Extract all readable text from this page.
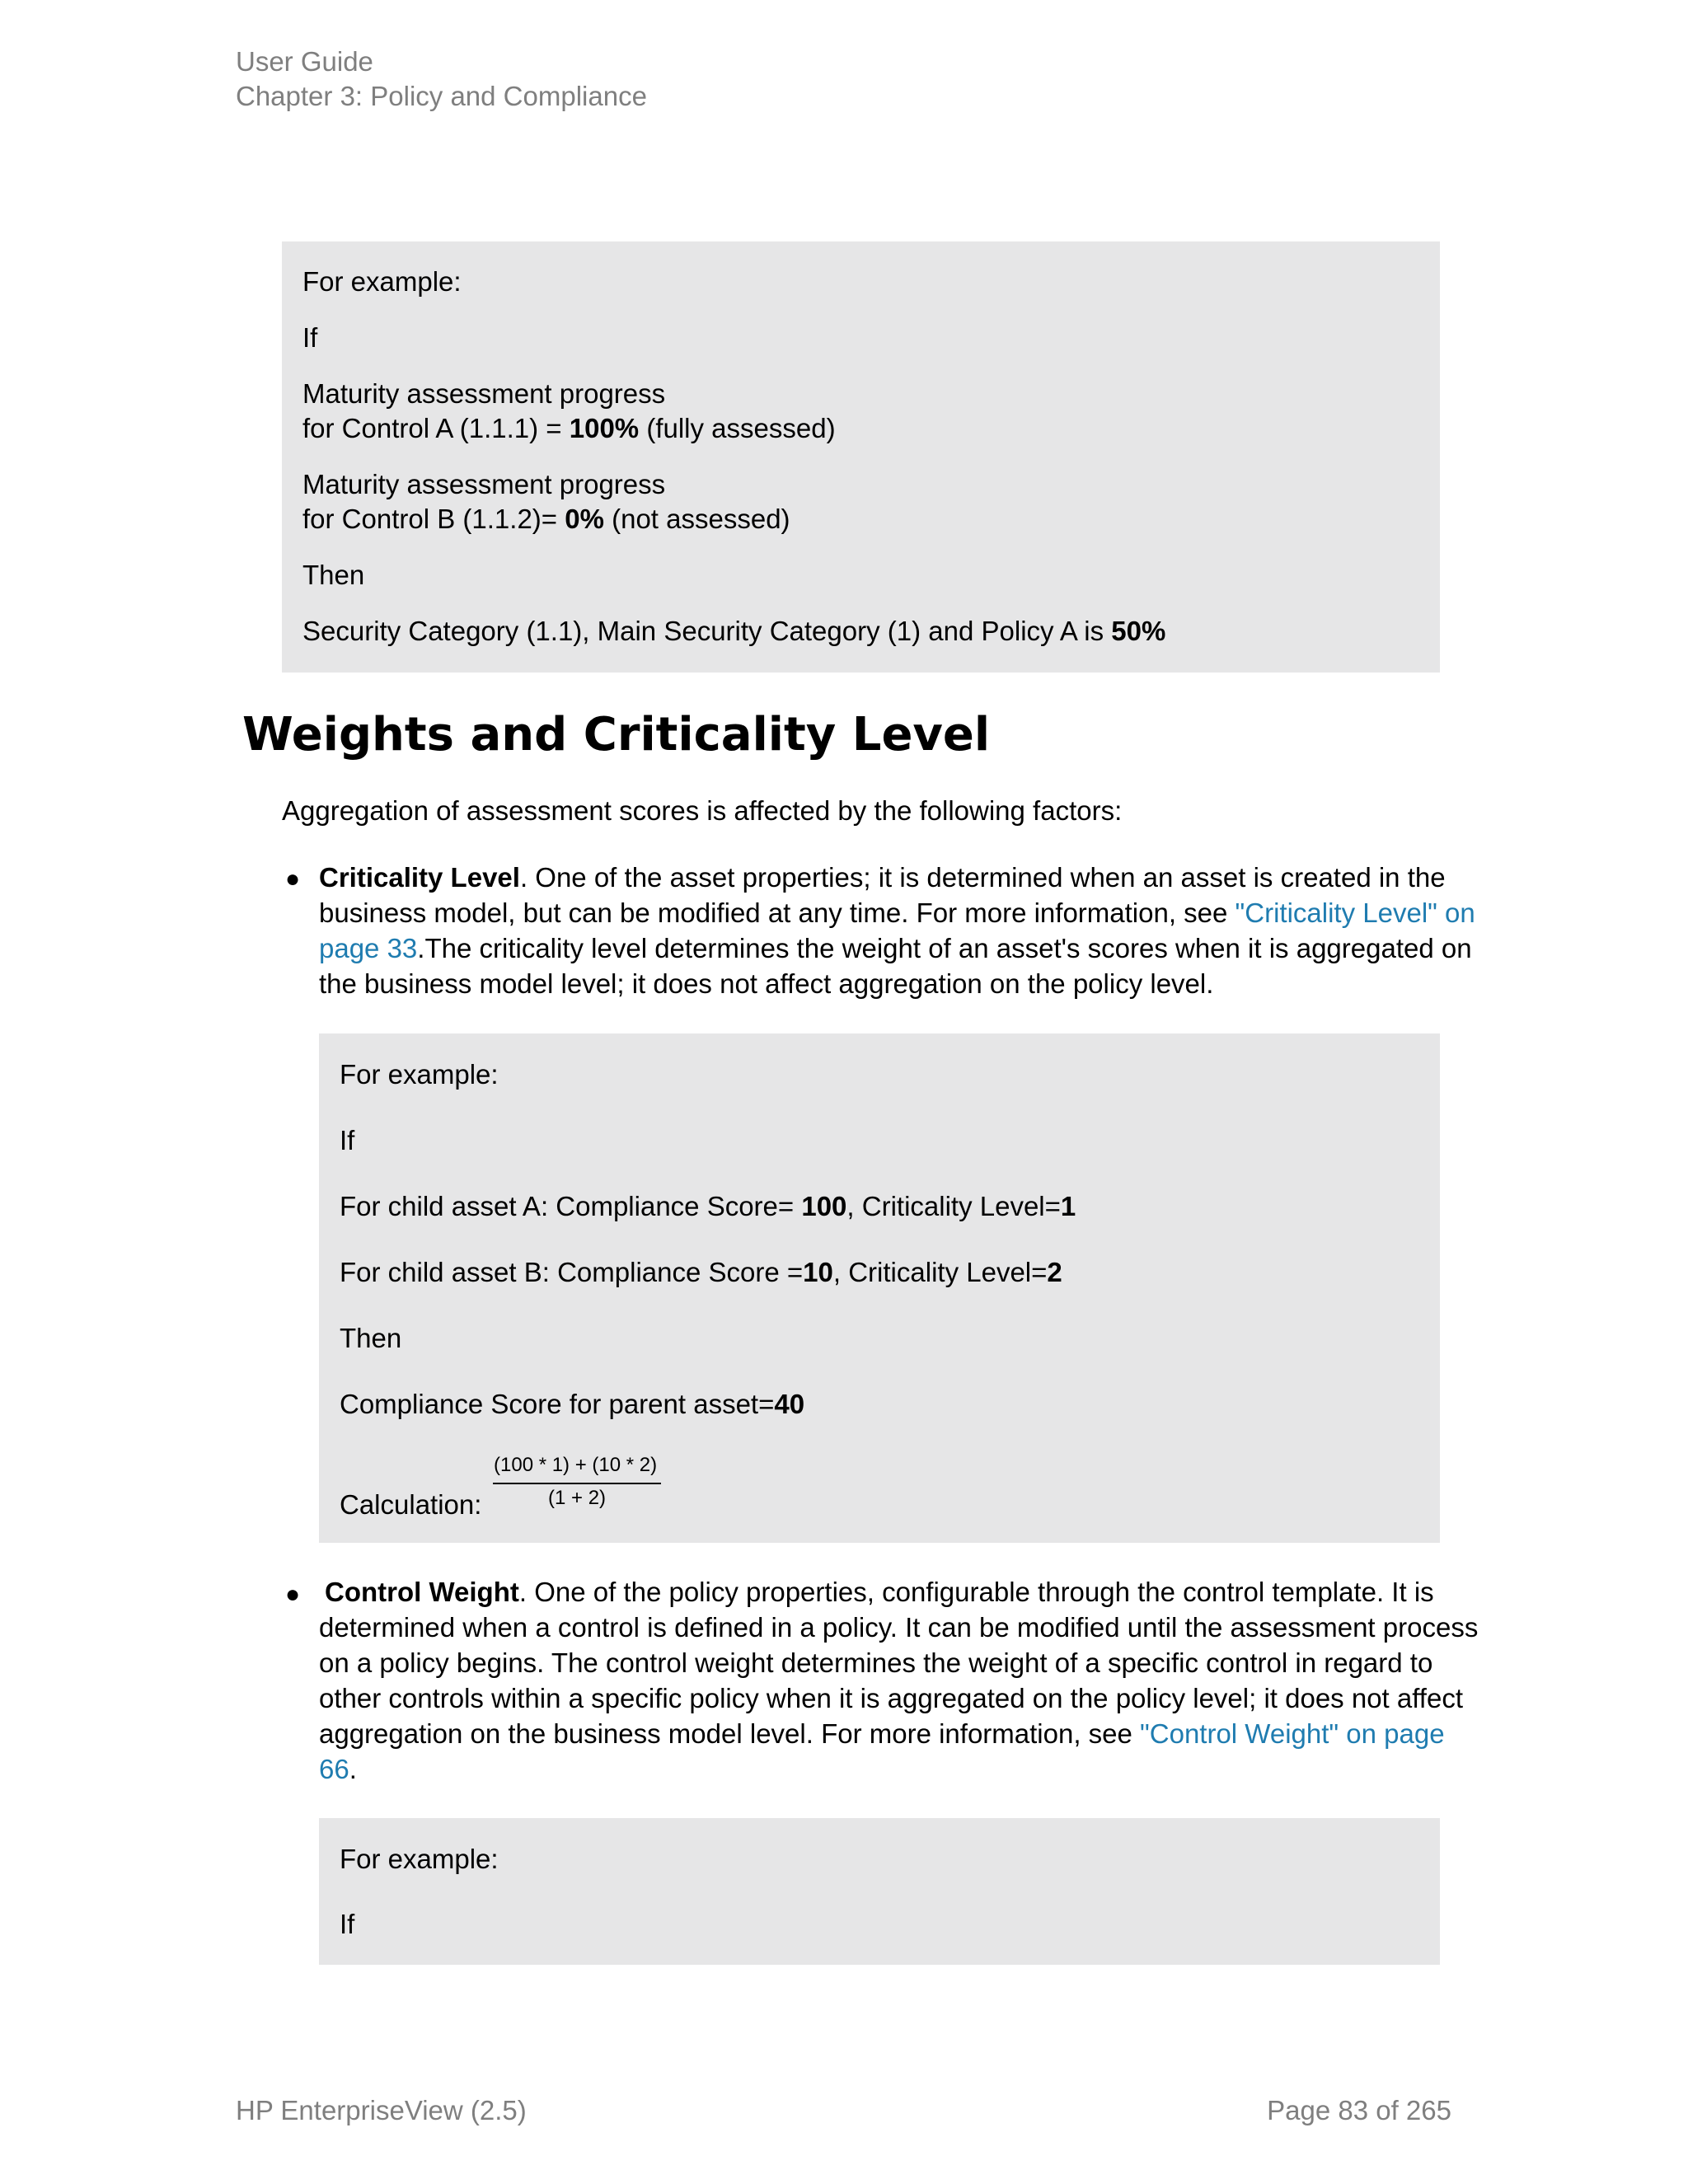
User Guide
Chapter 3: Policy and Compliance
For example:
If
Maturity assessment progress
for Control A (1.1.1) = 100% (fully assessed)
Maturity assessment progress
for Control B (1.1.2)= 0% (not assessed)
Then
Security Category (1.1), Main Security Category (1) and Policy A is 50%
Weights and Criticality Level
Aggregation of assessment scores is affected by the following factors:
● Criticality Level. One of the asset properties; it is determined when an asset is created in the
business model, but can be modified at any time. For more information, see "Criticality Level" on
page 33.The criticality level determines the weight of an asset's scores when it is aggregated on
the business model level; it does not affect aggregation on the policy level.
For example:
If
For child asset A: Compliance Score= 100, Criticality Level=1
For child asset B: Compliance Score =10, Criticality Level=2
Then
Compliance Score for parent asset=40
Calculation:
(100 * 1) + (10 * 2)
(1 + 2)
● Control Weight. One of the policy properties, configurable through the control template. It is
determined when a control is defined in a policy. It can be modified until the assessment process
on a policy begins. The control weight determines the weight of a specific control in regard to
other controls within a specific policy when it is aggregated on the policy level; it does not affect
aggregation on the business model level. For more information, see "Control Weight" on page
66.
For example:
If
HP EnterpriseView (2.5)	Page 83 of 265
